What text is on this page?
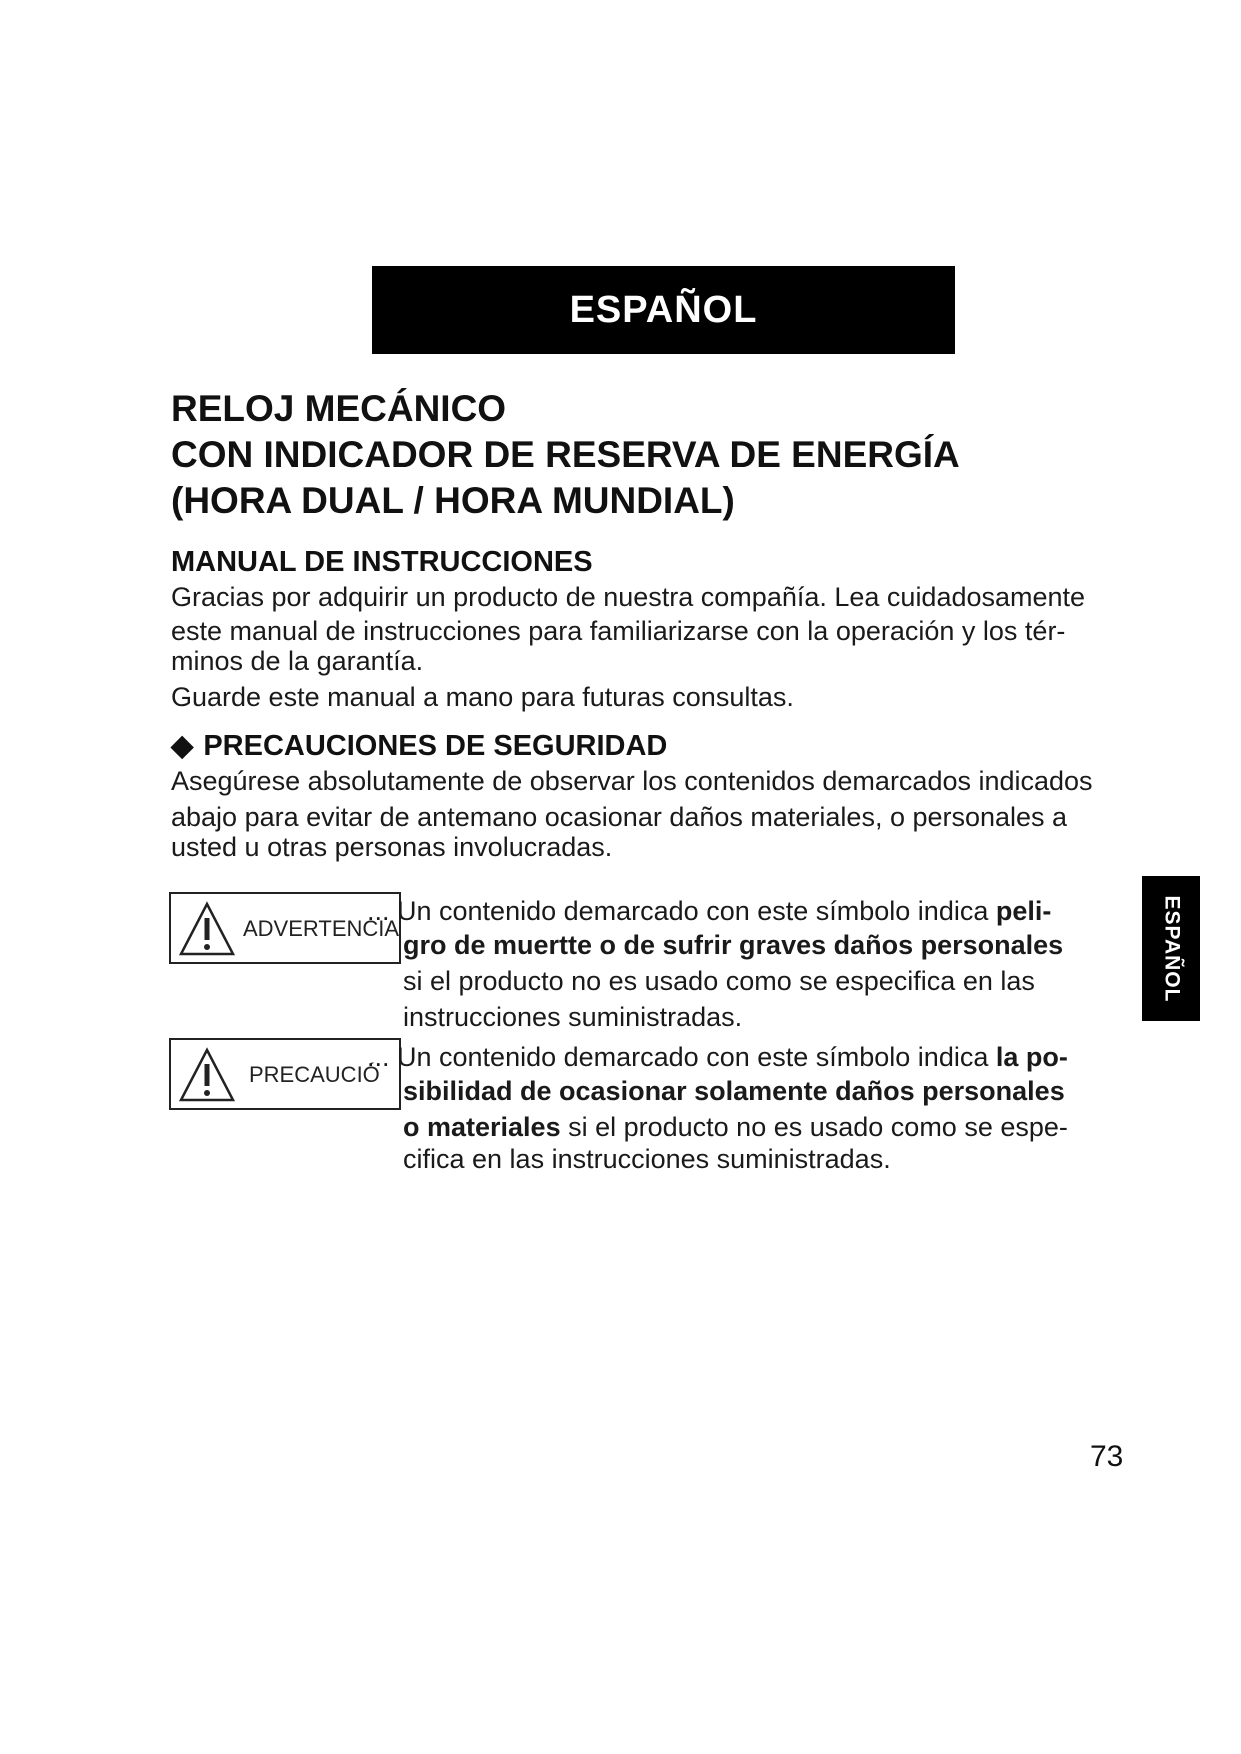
ESPAÑOL
RELOJ MECÁNICO
CON INDICADOR DE RESERVA DE ENERGÍA
(HORA DUAL / HORA MUNDIAL)
MANUAL DE INSTRUCCIONES
Gracias por adquirir un producto de nuestra compañía. Lea cuidadosamente
este manual de instrucciones para familiarizarse con la operación y los tér-
minos de la garantía.
Guarde este manual a mano para futuras consultas.
◆ PRECAUCIONES DE SEGURIDAD
Asegúrese absolutamente de observar los contenidos demarcados indicados
abajo para evitar de antemano ocasionar daños materiales, o personales a
usted u otras personas involucradas.
ADVERTENCIA
... Un contenido demarcado con este símbolo indica peli-
gro de muertte o de sufrir graves daños personales
si el producto no es usado como se especifica en las
instrucciones suministradas.
PRECAUCIÓ
... Un contenido demarcado con este símbolo indica la po-
sibilidad de ocasionar solamente daños personales
o materiales si el producto no es usado como se espe-
cifica en las instrucciones suministradas.
ESPAÑOL
73
